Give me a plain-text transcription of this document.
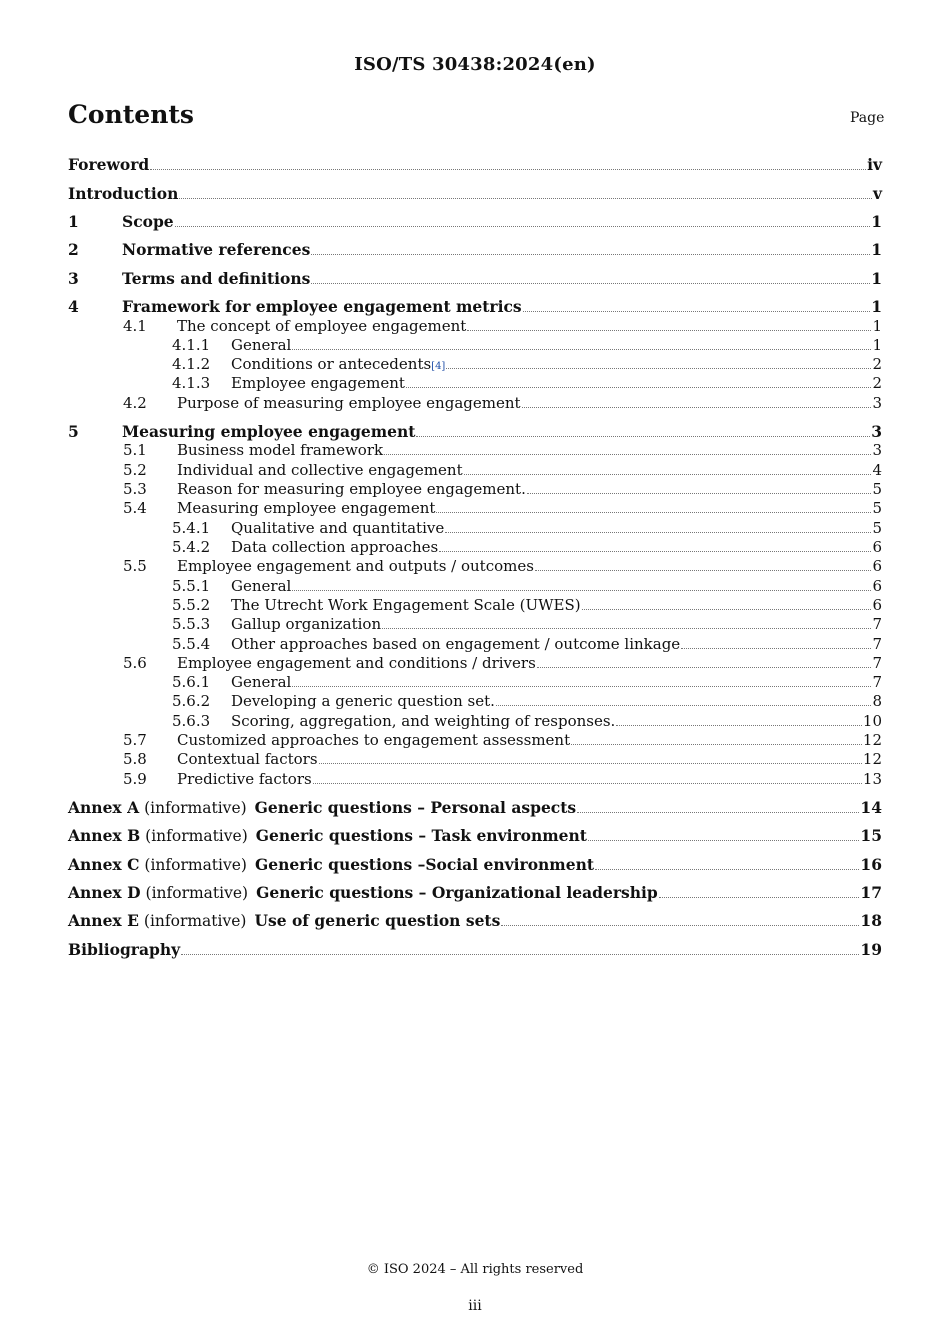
ISO/TS 30438:2024(en)
Contents	Page
Foreword	iv
Introduction	v
1	Scope	1
2	Normative references	1
3	Terms and definitions	1
4	Framework for employee engagement metrics	1
4.1	The concept of employee engagement	1
4.1.1	General	1
4.1.2	Conditions or antecedents [4]	2
4.1.3	Employee engagement	2
4.2	Purpose of measuring employee engagement	3
5	Measuring employee engagement	3
5.1	Business model framework	3
5.2	Individual and collective engagement	4
5.3	Reason for measuring employee engagement.	5
5.4	Measuring employee engagement	5
5.4.1	Qualitative and quantitative	5
5.4.2	Data collection approaches	6
5.5	Employee engagement and outputs / outcomes	6
5.5.1	General	6
5.5.2	The Utrecht Work Engagement Scale (UWES)	6
5.5.3	Gallup organization	7
5.5.4	Other approaches based on engagement / outcome linkage	7
5.6	Employee engagement and conditions / drivers	7
5.6.1	General	7
5.6.2	Developing a generic question set.	8
5.6.3	Scoring, aggregation, and weighting of responses.	10
5.7	Customized approaches to engagement assessment	12
5.8	Contextual factors	12
5.9	Predictive factors	13
Annex A (informative) Generic questions – Personal aspects	14
Annex B (informative) Generic questions – Task environment	15
Annex C (informative) Generic questions –Social environment	16
Annex D (informative) Generic questions – Organizational leadership	17
Annex E (informative) Use of generic question sets	18
Bibliography	19
© ISO 2024 – All rights reserved
iii
